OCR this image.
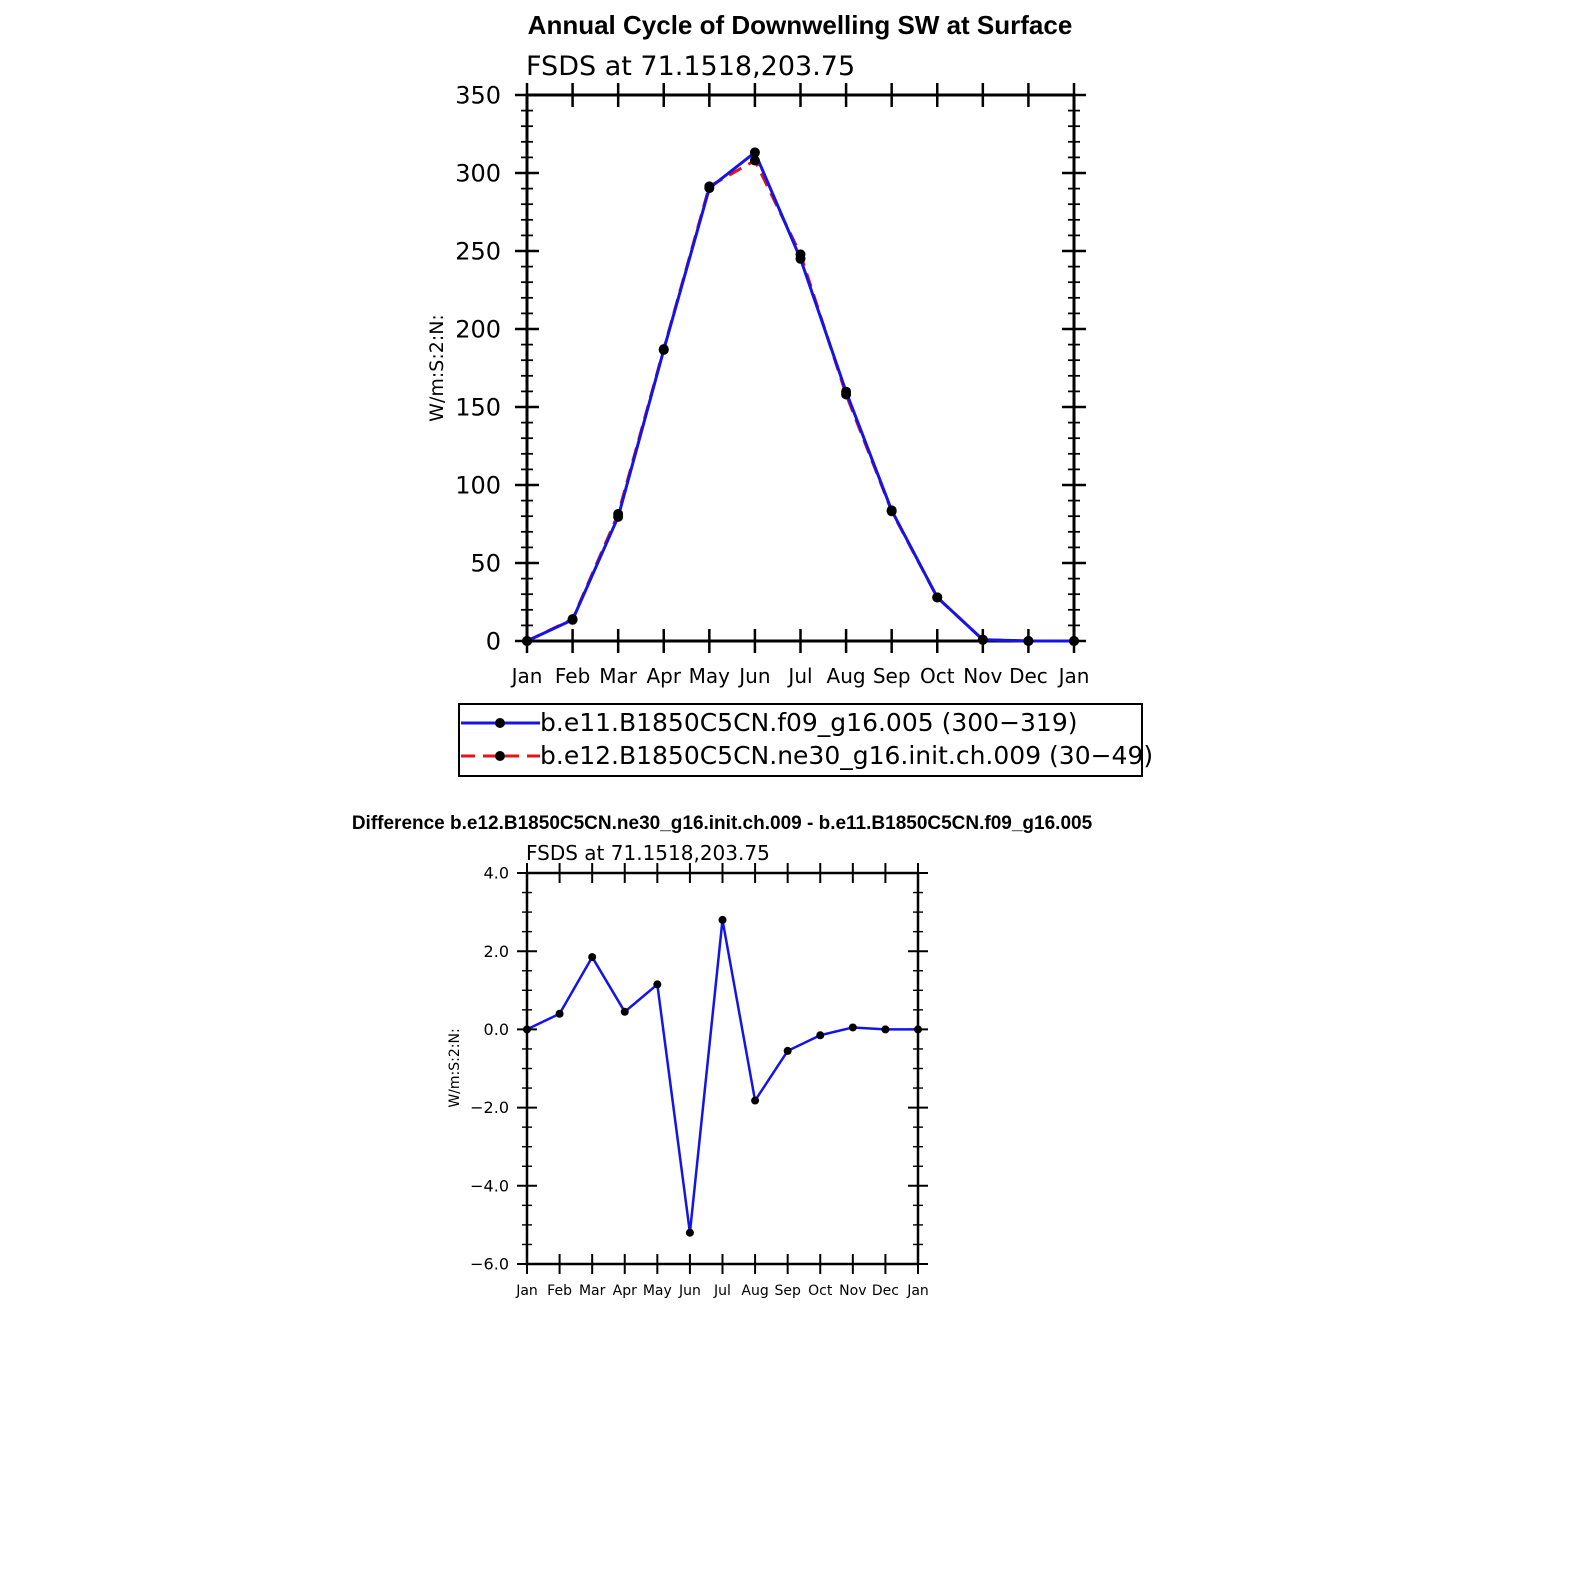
Annual Cycle of Downwelling SW at Surface
FSDS at 71.1518,203.75
W/m:S:2:N:
Jan Feb Mar Apr May Jun Jul Aug Sep Oct Nov Dec Jan
0
50
100
150
200
250
300
350
b.e11.B1850C5CN.f09_g16.005 (300−319)
b.e12.B1850C5CN.ne30_g16.init.ch.009 (30−49)
Difference b.e12.B1850C5CN.ne30_g16.init.ch.009 - b.e11.B1850C5CN.f09_g16.005
FSDS at 71.1518,203.75
W/m:S:2:N:
Jan Feb Mar Apr May Jun Jul Aug Sep Oct Nov Dec Jan
−6.0
−4.0
−2.0
0.0
2.0
4.0
